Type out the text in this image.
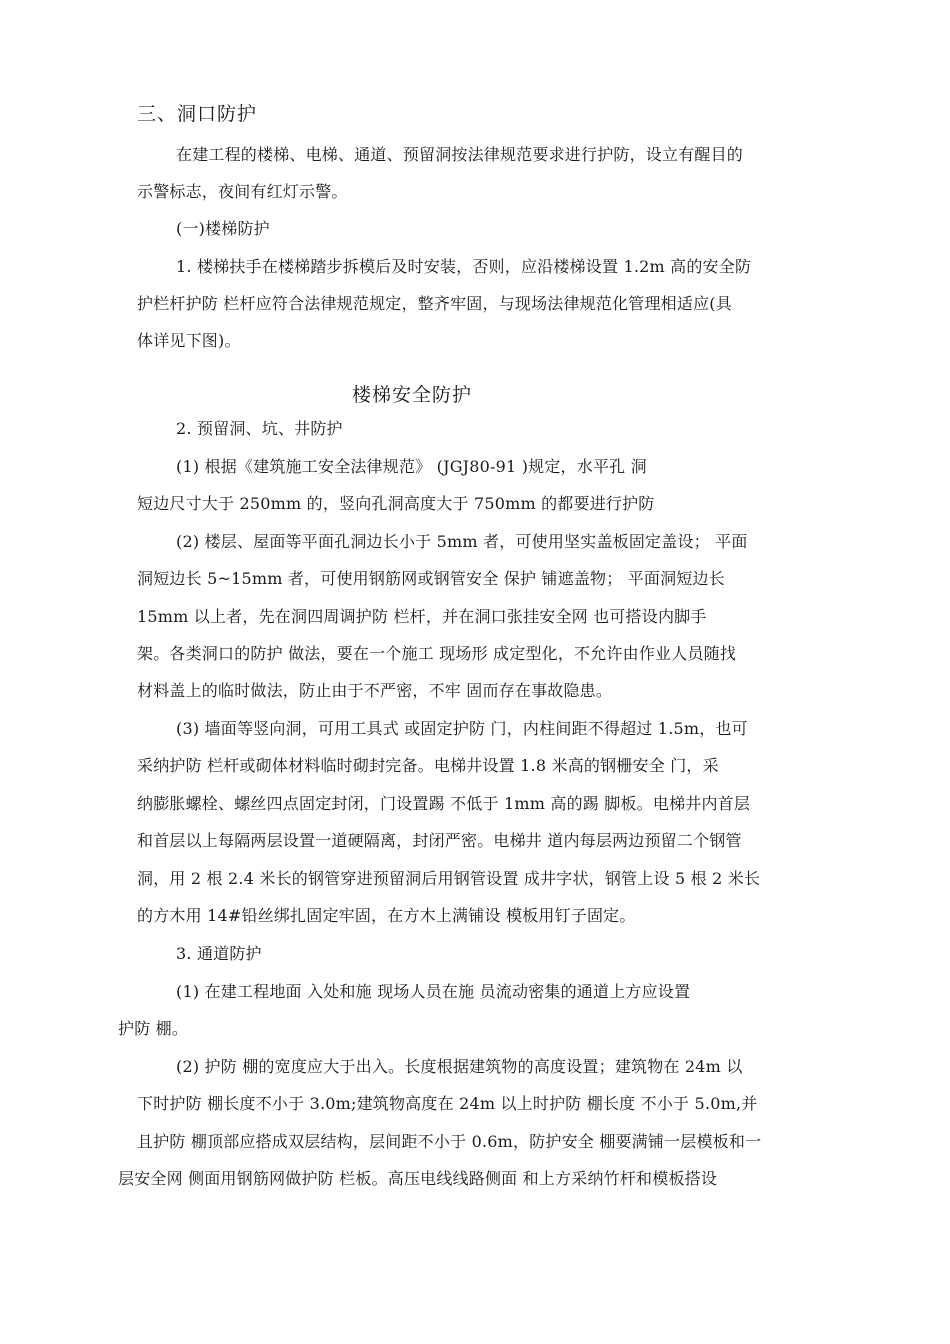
三、洞口防护
在建工程的楼梯、电梯、通道、预留洞按法律规范要求进行护防，设立有醒目的
示警标志，夜间有红灯示警。
(一)楼梯防护
1. 楼梯扶手在楼梯踏步拆模后及时安装，否则，应沿楼梯设置 1.2m 高的安全防
护栏杆护防 栏杆应符合法律规范规定，整齐牢固，与现场法律规范化管理相适应(具
体详见下图)。
楼梯安全防护
2. 预留洞、坑、井防护
(1) 根据《建筑施工安全法律规范》 (JGJ80-91 )规定，水平孔 洞
短边尺寸大于 250mm 的，竖向孔洞高度大于 750mm 的都要进行护防
(2) 楼层、屋面等平面孔洞边长小于 5mm 者，可使用坚实盖板固定盖设； 平面
洞短边长 5~15mm 者，可使用钢筋网或钢管安全 保护 铺遮盖物； 平面洞短边长
15mm 以上者，先在洞四周调护防 栏杆，并在洞口张挂安全网 也可搭设内脚手
架。各类洞口的防护 做法，要在一个施工 现场形 成定型化，不允许由作业人员随找
材料盖上的临时做法，防止由于不严密，不牢 固而存在事故隐患。
(3) 墙面等竖向洞，可用工具式 或固定护防 门，内柱间距不得超过 1.5m，也可
采纳护防 栏杆或砌体材料临时砌封完备。电梯井设置 1.8 米高的钢栅安全 门，采
纳膨胀螺栓、螺丝四点固定封闭，门设置踢 不低于 1mm 高的踢 脚板。电梯井内首层
和首层以上每隔两层设置一道硬隔离，封闭严密。电梯井 道内每层两边预留二个钢管
洞，用 2 根 2.4 米长的钢管穿进预留洞后用钢管设置 成井字状，钢管上设 5 根 2 米长
的方木用 14#铅丝绑扎固定牢固，在方木上满铺设 模板用钉子固定。
3. 通道防护
(1) 在建工程地面 入处和施 现场人员在施 员流动密集的通道上方应设置
护防 棚。
(2) 护防 棚的宽度应大于出入。长度根据建筑物的高度设置；建筑物在 24m 以
下时护防 棚长度不小于 3.0m;建筑物高度在 24m 以上时护防 棚长度 不小于 5.0m,并
且护防 棚顶部应搭成双层结构，层间距不小于 0.6m，防护安全 棚要满铺一层模板和一
层安全网 侧面用钢筋网做护防 栏板。高压电线线路侧面 和上方采纳竹杆和模板搭设
